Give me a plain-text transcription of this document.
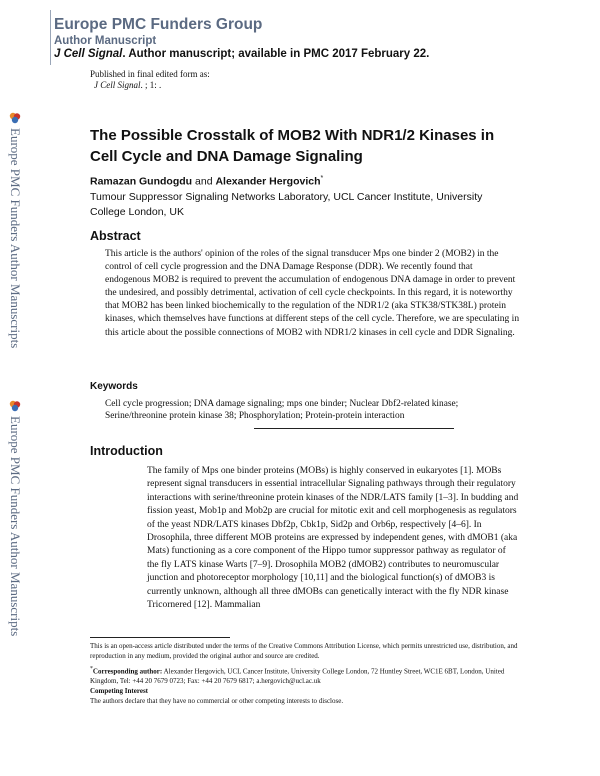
Europe PMC Funders Group
Author Manuscript
J Cell Signal. Author manuscript; available in PMC 2017 February 22.
Published in final edited form as:
J Cell Signal. ; 1: .
Europe PMC Funders Author Manuscripts
Europe PMC Funders Author Manuscripts
The Possible Crosstalk of MOB2 With NDR1/2 Kinases in Cell Cycle and DNA Damage Signaling
Ramazan Gundogdu and Alexander Hergovich*
Tumour Suppressor Signaling Networks Laboratory, UCL Cancer Institute, University College London, UK
Abstract
This article is the authors' opinion of the roles of the signal transducer Mps one binder 2 (MOB2) in the control of cell cycle progression and the DNA Damage Response (DDR). We recently found that endogenous MOB2 is required to prevent the accumulation of endogenous DNA damage in order to prevent the undesired, and possibly detrimental, activation of cell cycle checkpoints. In this regard, it is noteworthy that MOB2 has been linked biochemically to the regulation of the NDR1/2 (aka STK38/STK38L) protein kinases, which themselves have functions at different steps of the cell cycle. Therefore, we are speculating in this article about the possible connections of MOB2 with NDR1/2 kinases in cell cycle and DDR Signaling.
Keywords
Cell cycle progression; DNA damage signaling; mps one binder; Nuclear Dbf2-related kinase; Serine/threonine protein kinase 38; Phosphorylation; Protein-protein interaction
Introduction
The family of Mps one binder proteins (MOBs) is highly conserved in eukaryotes [1]. MOBs represent signal transducers in essential intracellular Signaling pathways through their regulatory interactions with serine/threonine protein kinases of the NDR/LATS family [1–3]. In budding and fission yeast, Mob1p and Mob2p are crucial for mitotic exit and cell morphogenesis as regulators of the yeast NDR/LATS kinases Dbf2p, Cbk1p, Sid2p and Orb6p, respectively [4–6]. In Drosophila, three different MOB proteins are expressed by independent genes, with dMOB1 (aka Mats) functioning as a core component of the Hippo tumor suppressor pathway as regulator of the fly LATS kinase Warts [7–9]. Drosophila MOB2 (dMOB2) contributes to neuromuscular junction and photoreceptor morphology [10,11] and the biological function(s) of dMOB3 is currently unknown, although all three dMOBs can genetically interact with the fly NDR kinase Tricornered [12]. Mammalian
This is an open-access article distributed under the terms of the Creative Commons Attribution License, which permits unrestricted use, distribution, and reproduction in any medium, provided the original author and source are credited.
*Corresponding author: Alexander Hergovich, UCL Cancer Institute, University College London, 72 Huntley Street, WC1E 6BT, London, United Kingdom, Tel: +44 20 7679 0723; Fax: +44 20 7679 6817; a.hergovich@ucl.ac.uk
Competing Interest
The authors declare that they have no commercial or other competing interests to disclose.
